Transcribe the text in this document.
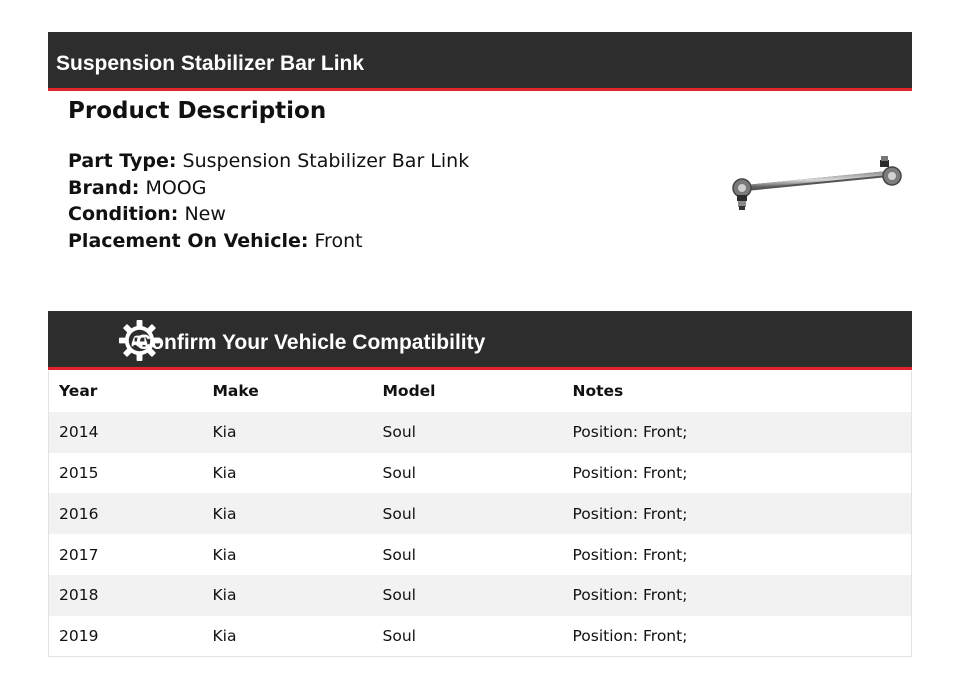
Suspension Stabilizer Bar Link
Product Description
Part Type: Suspension Stabilizer Bar Link
Brand: MOOG
Condition: New
Placement On Vehicle: Front
Confirm Your Vehicle Compatibility
Year	Make	Model	Notes
2014	Kia	Soul	Position: Front;
2015	Kia	Soul	Position: Front;
2016	Kia	Soul	Position: Front;
2017	Kia	Soul	Position: Front;
2018	Kia	Soul	Position: Front;
2019	Kia	Soul	Position: Front;
